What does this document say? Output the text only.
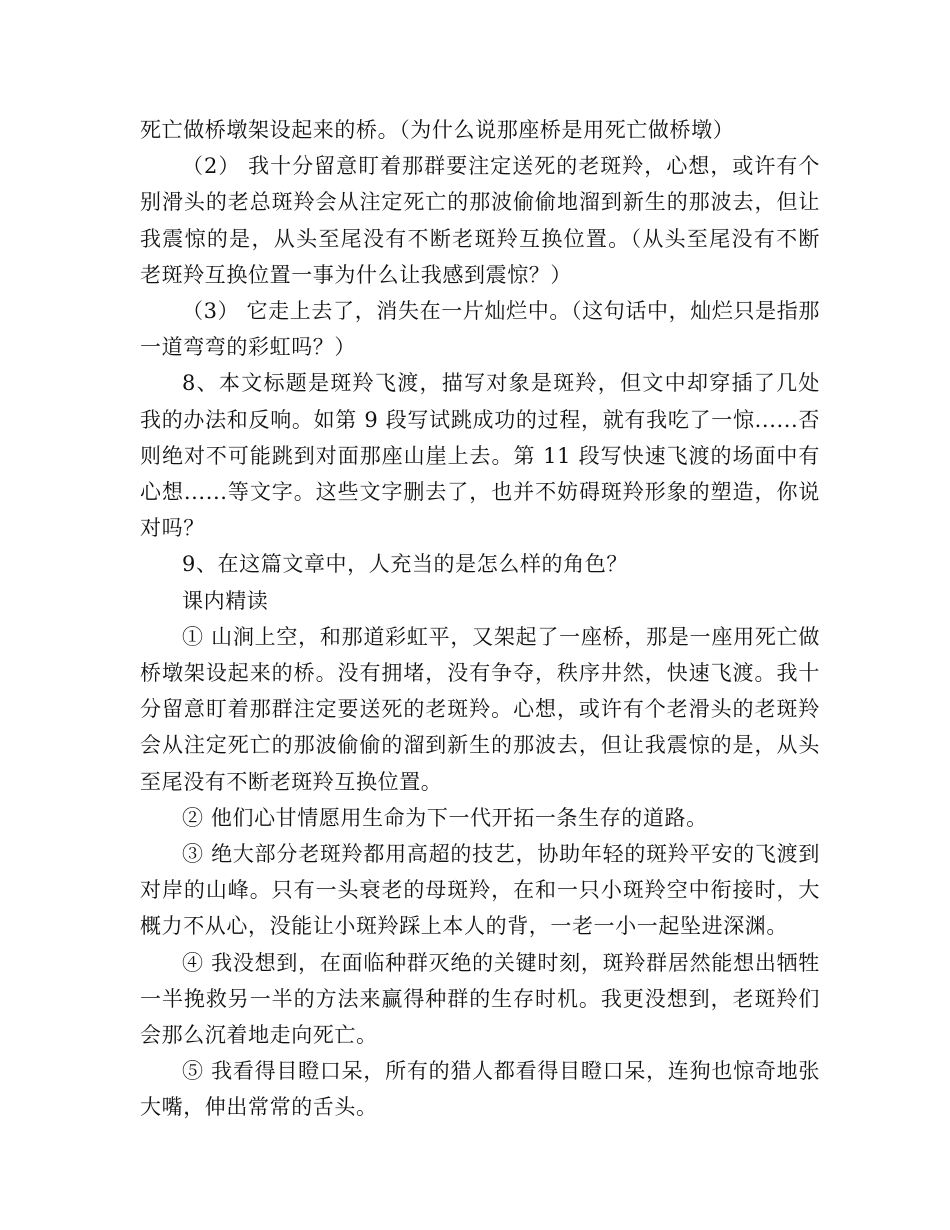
死亡做桥墩架设起来的桥。（为什么说那座桥是用死亡做桥墩）

（2） 我十分留意盯着那群要注定送死的老斑羚，心想，或许有个别滑头的老总斑羚会从注定死亡的那波偷偷地溜到新生的那波去，但让我震惊的是，从头至尾没有不断老斑羚互换位置。（从头至尾没有不断老斑羚互换位置一事为什么让我感到震惊？）

（3） 它走上去了，消失在一片灿烂中。（这句话中，灿烂只是指那一道弯弯的彩虹吗？）

8、本文标题是斑羚飞渡，描写对象是斑羚，但文中却穿插了几处我的办法和反响。如第 9 段写试跳成功的过程，就有我吃了一惊......否则绝对不可能跳到对面那座山崖上去。第 11 段写快速飞渡的场面中有心想......等文字。这些文字删去了，也并不妨碍斑羚形象的塑造，你说对吗？

9、在这篇文章中，人充当的是怎么样的角色？

课内精读

① 山涧上空，和那道彩虹平，又架起了一座桥，那是一座用死亡做桥墩架设起来的桥。没有拥堵，没有争夺，秩序井然，快速飞渡。我十分留意盯着那群注定要送死的老斑羚。心想，或许有个老滑头的老斑羚会从注定死亡的那波偷偷的溜到新生的那波去，但让我震惊的是，从头至尾没有不断老斑羚互换位置。

② 他们心甘情愿用生命为下一代开拓一条生存的道路。

③ 绝大部分老斑羚都用高超的技艺，协助年轻的斑羚平安的飞渡到对岸的山峰。只有一头衰老的母斑羚，在和一只小斑羚空中衔接时，大概力不从心，没能让小斑羚踩上本人的背，一老一小一起坠进深渊。

④ 我没想到，在面临种群灭绝的关键时刻，斑羚群居然能想出牺牲一半挽救另一半的方法来赢得种群的生存时机。我更没想到，老斑羚们会那么沉着地走向死亡。

⑤ 我看得目瞪口呆，所有的猎人都看得目瞪口呆，连狗也惊奇地张大嘴，伸出常常的舌头。
